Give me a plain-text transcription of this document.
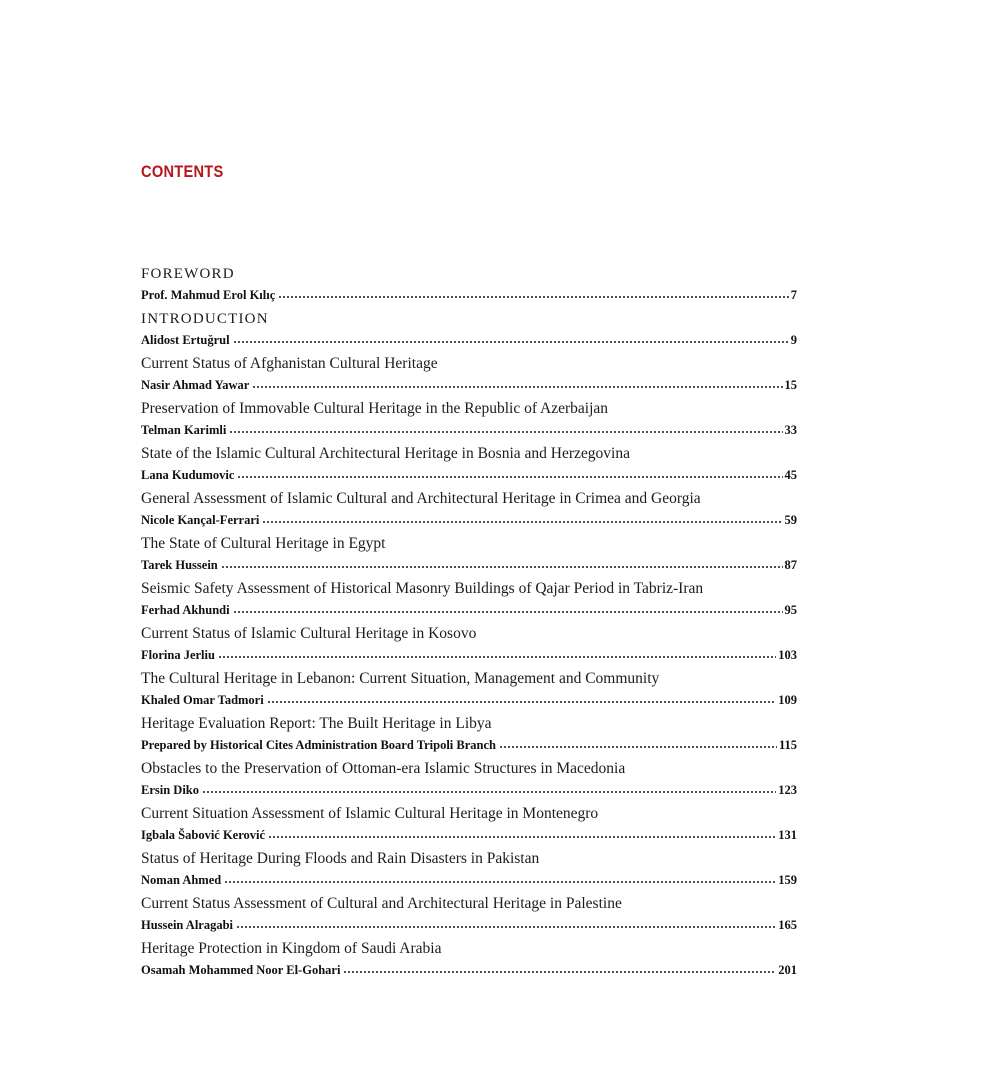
CONTENTS
FOREWORD
Prof. Mahmud Erol Kılıç	7
INTRODUCTION
Alidost Ertuğrul	9
Current Status of Afghanistan Cultural Heritage
Nasir Ahmad Yawar	15
Preservation of Immovable Cultural Heritage in the Republic of Azerbaijan
Telman Karimli	33
State of the Islamic Cultural Architectural Heritage in Bosnia and Herzegovina
Lana Kudumovic	45
General Assessment of Islamic Cultural and Architectural Heritage in Crimea and Georgia
Nicole Kançal-Ferrari	59
The State of Cultural Heritage in Egypt
Tarek Hussein	87
Seismic Safety Assessment of Historical Masonry Buildings of Qajar Period in Tabriz-Iran
Ferhad Akhundi	95
Current Status of Islamic Cultural Heritage in Kosovo
Florina Jerliu	103
The Cultural Heritage in Lebanon: Current Situation, Management and Community
Khaled Omar Tadmori	109
Heritage Evaluation Report: The Built Heritage in Libya
Prepared by Historical Cites Administration Board Tripoli Branch	115
Obstacles to the Preservation of Ottoman-era Islamic Structures in Macedonia
Ersin Diko	123
Current Situation Assessment of Islamic Cultural Heritage in Montenegro
Igbala Šabović Kerović	131
Status of Heritage During Floods and Rain Disasters in Pakistan
Noman Ahmed	159
Current Status Assessment of Cultural and Architectural Heritage in Palestine
Hussein Alragabi	165
Heritage Protection in Kingdom of Saudi Arabia
Osamah Mohammed Noor El-Gohari	201
